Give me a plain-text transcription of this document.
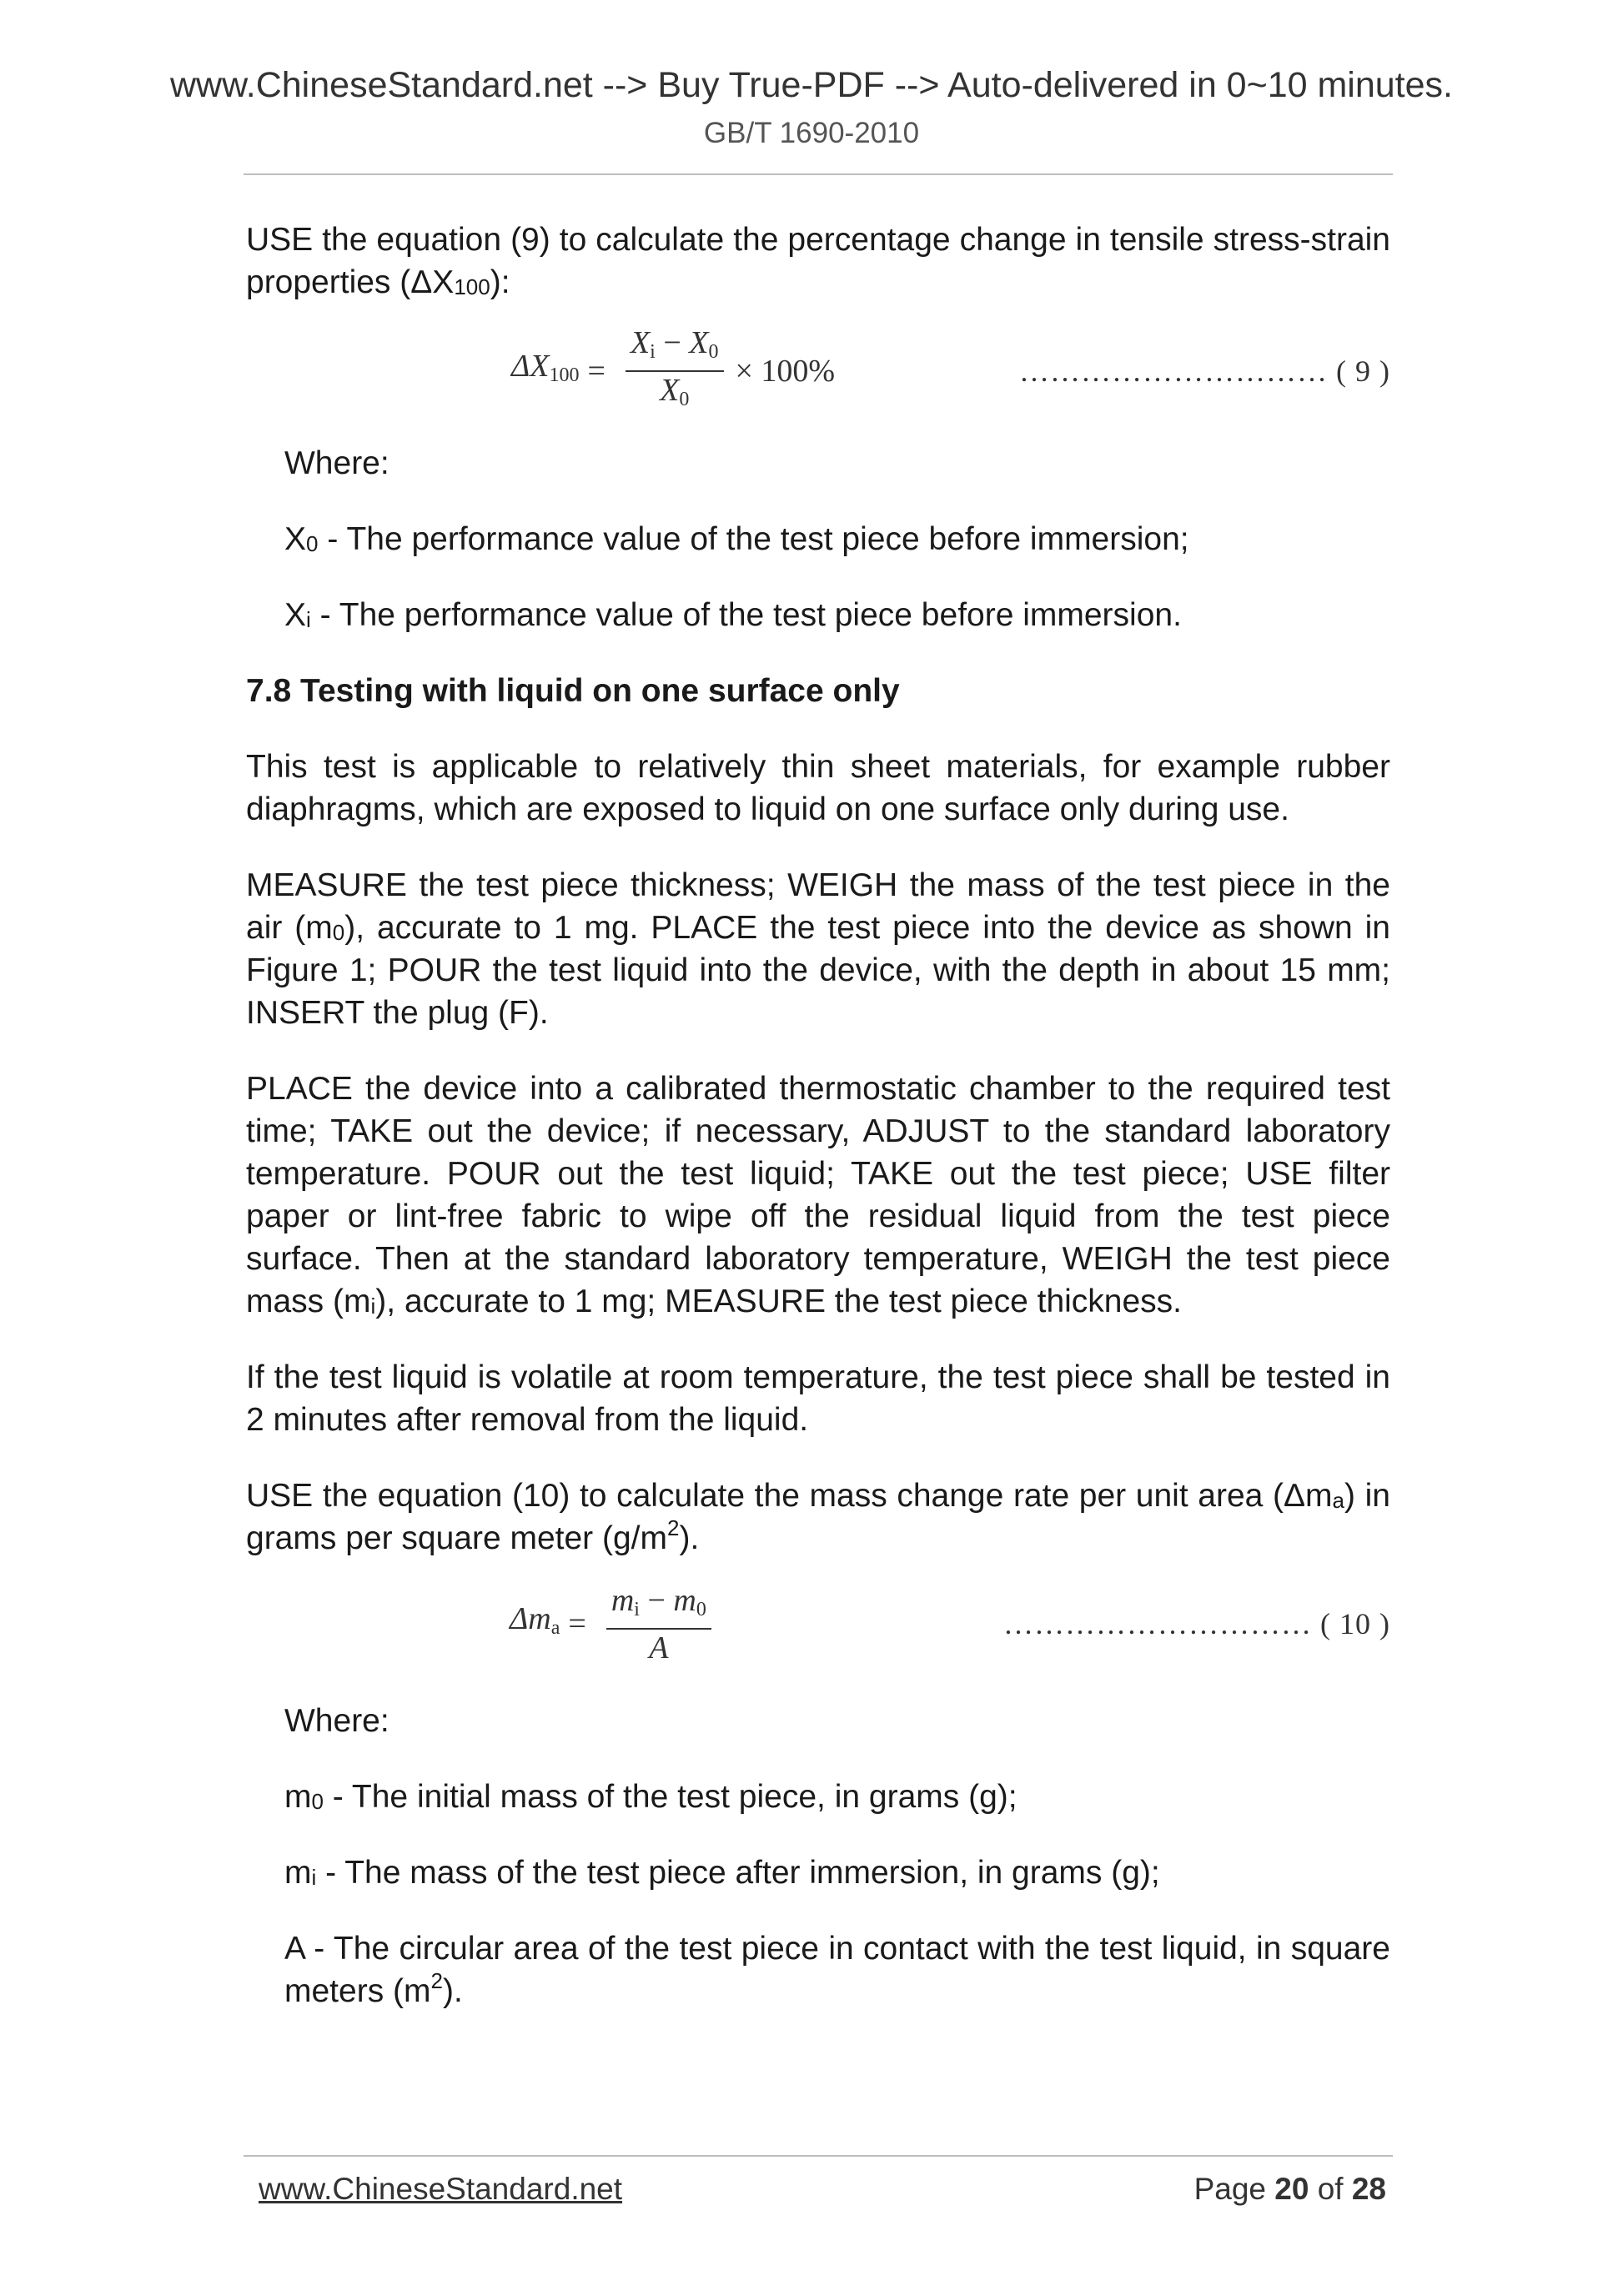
www.ChineseStandard.net --> Buy True-PDF --> Auto-delivered in 0~10 minutes.
GB/T 1690-2010

USE the equation (9) to calculate the percentage change in tensile stress-strain properties $(\Delta X_{100})$:

$\Delta X100 = \frac{Xi - X0}{X0} \times 100\%$	………………………… ( 9 )

Where:

$X_0$ - The performance value of the test piece before immersion;

$X_i$ - The performance value of the test piece before immersion.

7.8 Testing with liquid on one surface only

This test is applicable to relatively thin sheet materials, for example rubber diaphragms, which are exposed to liquid on one surface only during use.

MEASURE the test piece thickness; WEIGH the mass of the test piece in the air $(m_0)$, accurate to 1 mg. PLACE the test piece into the device as shown in Figure 1; POUR the test liquid into the device, with the depth in about 15 mm; INSERT the plug (F).

PLACE the device into a calibrated thermostatic chamber to the required test time; TAKE out the device; if necessary, ADJUST to the standard laboratory temperature. POUR out the test liquid; TAKE out the test piece; USE filter paper or lint-free fabric to wipe off the residual liquid from the test piece surface. Then at the standard laboratory temperature, WEIGH the test piece mass $(m_i)$, accurate to 1 mg; MEASURE the test piece thickness.

If the test liquid is volatile at room temperature, the test piece shall be tested in 2 minutes after removal from the liquid.

USE the equation (10) to calculate the mass change rate per unit area $(\Delta m_a)$ in grams per square meter $(g/m^2)$.

$\Delta ma = \frac{mi - m0}{A}$	………………………… ( 10 )

Where:

$m_0$ - The initial mass of the test piece, in grams (g);

$m_i$ - The mass of the test piece after immersion, in grams (g);

A - The circular area of the test piece in contact with the test liquid, in square meters $(m^2)$.

www.ChineseStandard.net	Page 20 of 28
